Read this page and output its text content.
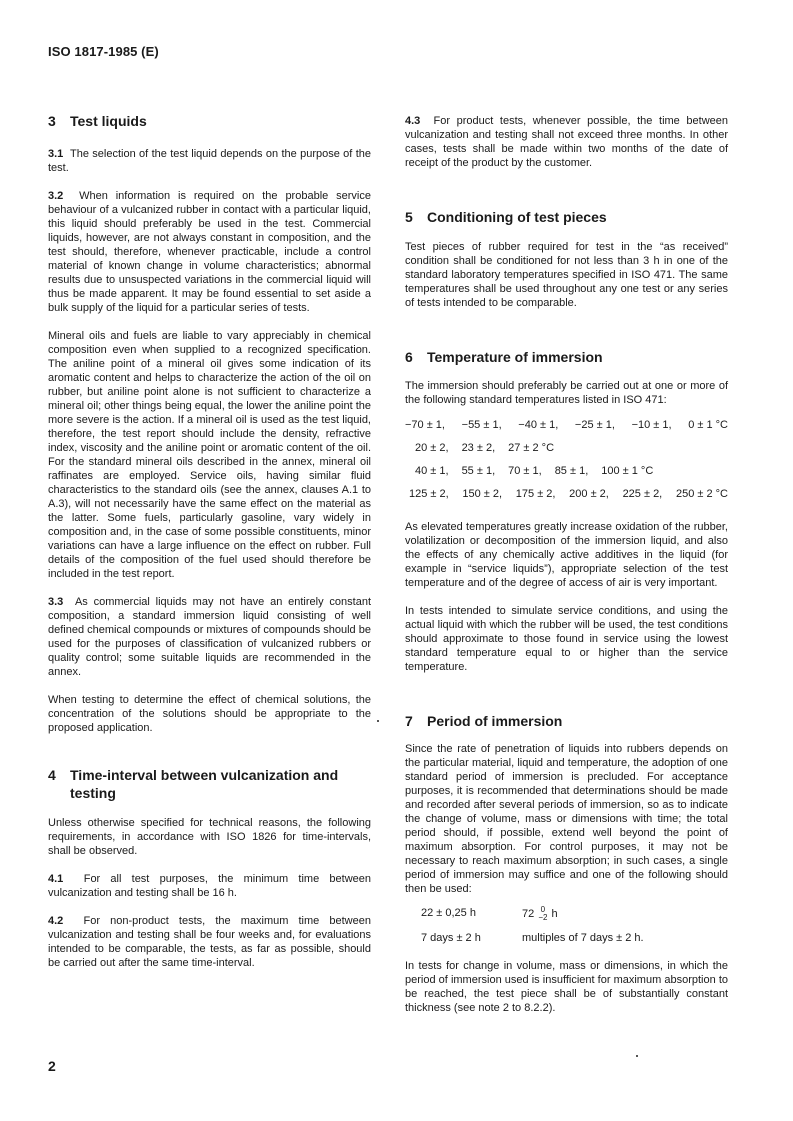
ISO 1817-1985 (E)
3	Test liquids

3.1 The selection of the test liquid depends on the purpose of the test.

3.2 When information is required on the probable service behaviour of a vulcanized rubber in contact with a particular liquid, this liquid should preferably be used in the test. Commercial liquids, however, are not always constant in composition, and the test should, therefore, whenever practicable, include a control material of known change in volume characteristics; abnormal results due to unsuspected variations in the commercial liquid will thus be made apparent. It may be found essential to set aside a bulk supply of the liquid for a particular series of tests.

Mineral oils and fuels are liable to vary appreciably in chemical composition even when supplied to a recognized specification. The aniline point of a mineral oil gives some indication of its aromatic content and helps to characterize the action of the oil on rubber, but aniline point alone is not sufficient to characterize a mineral oil; other things being equal, the lower the aniline point the more severe is the action. If a mineral oil is used as the test liquid, therefore, the test report should include the density, refractive index, viscosity and the aniline point or aromatic content of the oil. For the standard mineral oils described in the annex, mineral oil raffinates are employed. Service oils, having similar fluid characteristics to the standard oils (see the annex, clauses A.1 to A.3), will not necessarily have the same effect on the material as the latter. Some fuels, particularly gasoline, vary widely in composition and, in the case of some possible constituents, minor variations can have a large influence on the effect on rubber. Full details of the composition of the fuel used should therefore be included in the test report.

3.3 As commercial liquids may not have an entirely constant composition, a standard immersion liquid consisting of well defined chemical compounds or mixtures of compounds should be used for the purposes of classification of vulcanized rubbers or quality control; some suitable liquids are recommended in the annex.

When testing to determine the effect of chemical solutions, the concentration of the solutions should be appropriate to the proposed application.

4	Time-interval between vulcanization and testing

Unless otherwise specified for technical reasons, the following requirements, in accordance with ISO 1826 for time-intervals, shall be observed.

4.1 For all test purposes, the minimum time between vulcanization and testing shall be 16 h.

4.2 For non-product tests, the maximum time between vulcanization and testing shall be four weeks and, for evaluations intended to be comparable, the tests, as far as possible, should be carried out after the same time-interval.

4.3 For product tests, whenever possible, the time between vulcanization and testing shall not exceed three months. In other cases, tests shall be made within two months of the date of receipt of the product by the customer.

5	Conditioning of test pieces

Test pieces of rubber required for test in the “as received” condition shall be conditioned for not less than 3 h in one of the standard laboratory temperatures specified in ISO 471. The same temperatures shall be used throughout any one test or any series of tests intended to be comparable.

6	Temperature of immersion

The immersion should preferably be carried out at one or more of the following standard temperatures listed in ISO 471:

−70 ± 1, −55 ± 1, −40 ± 1, −25 ± 1, −10 ± 1, 0 ± 1 °C
20 ± 2, 23 ± 2, 27 ± 2 °C
40 ± 1, 55 ± 1, 70 ± 1, 85 ± 1, 100 ± 1 °C
125 ± 2, 150 ± 2, 175 ± 2, 200 ± 2, 225 ± 2, 250 ± 2 °C

As elevated temperatures greatly increase oxidation of the rubber, volatilization or decomposition of the immersion liquid, and also the effects of any chemically active additives in the liquid (for example in “service liquids”), appropriate selection of the test temperature and of the degree of access of air is very important.

In tests intended to simulate service conditions, and using the actual liquid with which the rubber will be used, the test conditions should approximate to those found in service using the lowest standard temperature equal to or higher than the service temperature.

7	Period of immersion

Since the rate of penetration of liquids into rubbers depends on the particular material, liquid and temperature, the adoption of one standard period of immersion is precluded. For acceptance purposes, it is recommended that determinations should be made and recorded after several periods of immersion, so as to indicate the change of volume, mass or dimensions with time; the total period should, if possible, extend well beyond the point of maximum absorption. For control purposes, it may not be necessary to reach maximum absorption; in such cases, a single period of immersion may suffice and one of the following should then be used:

22 ± 0,25 h	72 0
−2 h
7 days ± 2 h	multiples of 7 days ± 2 h.

In tests for change in volume, mass or dimensions, in which the period of immersion used is insufficient for maximum absorption to be reached, the test piece shall be of substantially constant thickness (see note 2 to 8.2.2).

2
